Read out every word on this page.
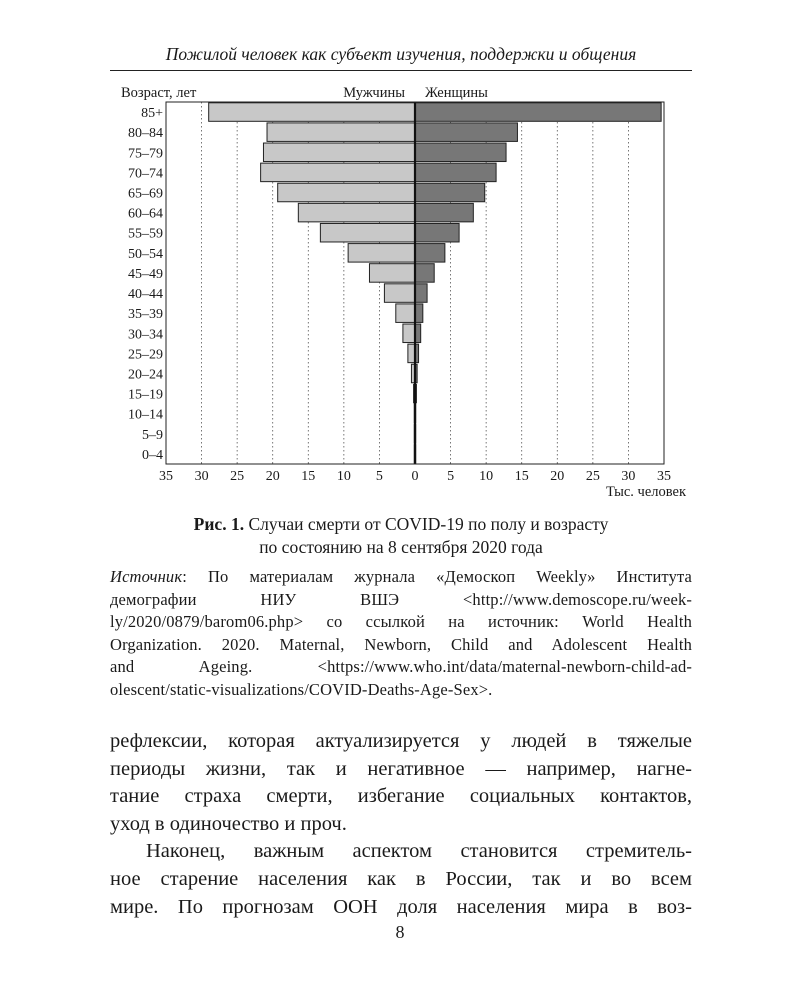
Пожилой человек как субъект изучения, поддержки и общения
85+
80–84
75–79
70–74
65–69
60–64
55–59
50–54
45–49
40–44
35–39
30–34
25–29
20–24
15–19
10–14
5–9
0–4
35 30 25 20 15 10 5 0 5 10 15 20 25 30 35
Возраст, лет	Мужчины Женщины
Тыс. человек
Рис. 1. Случаи смерти от COVID-19 по полу и возрасту
по состоянию на 8 сентября 2020 года
Источник: По материалам журнала «Демоскоп Weekly» Института
демографии НИУ ВШЭ <http://www.demoscope.ru/week-
ly/2020/0879/barom06.php> со ссылкой на источник: World Health
Organization. 2020. Maternal, Newborn, Child and Adolescent Health
and Ageing. <https://www.who.int/data/maternal-newborn-child-ad-
olescent/static-visualizations/COVID-Deaths-Age-Sex>.
рефлексии, которая актуализируется у людей в тяжелые
периоды жизни, так и негативное — например, нагне-
тание страха смерти, избегание социальных контактов,
уход в одиночество и проч.
Наконец, важным аспектом становится стремитель-
ное старение населения как в России, так и во всем
мире. По прогнозам ООН доля населения мира в воз-
8
